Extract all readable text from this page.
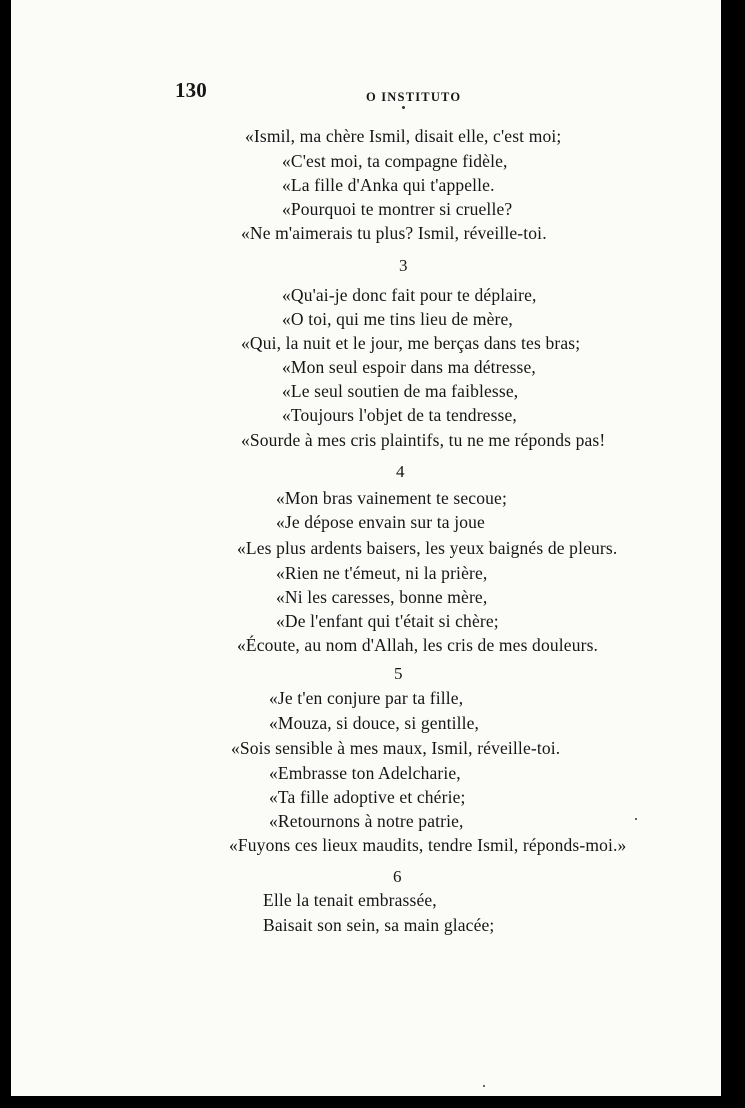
130	O INSTITUTO
«Ismil, ma chère Ismil, disait elle, c'est moi;
«C'est moi, ta compagne fidèle,
«La fille d'Anka qui t'appelle.
«Pourquoi te montrer si cruelle?
«Ne m'aimerais tu plus? Ismil, réveille-toi.
3
«Qu'ai-je donc fait pour te déplaire,
«O toi, qui me tins lieu de mère,
«Qui, la nuit et le jour, me berças dans tes bras;
«Mon seul espoir dans ma détresse,
«Le seul soutien de ma faiblesse,
«Toujours l'objet de ta tendresse,
«Sourde à mes cris plaintifs, tu ne me réponds pas!
4
«Mon bras vainement te secoue;
«Je dépose envain sur ta joue
«Les plus ardents baisers, les yeux baignés de pleurs.
«Rien ne t'émeut, ni la prière,
«Ni les caresses, bonne mère,
«De l'enfant qui t'était si chère;
«Écoute, au nom d'Allah, les cris de mes douleurs.
5
«Je t'en conjure par ta fille,
«Mouza, si douce, si gentille,
«Sois sensible à mes maux, Ismil, réveille-toi.
«Embrasse ton Adelcharie,
«Ta fille adoptive et chérie;
«Retournons à notre patrie,
«Fuyons ces lieux maudits, tendre Ismil, réponds-moi.»
6
Elle la tenait embrassée,
Baisait son sein, sa main glacée;
